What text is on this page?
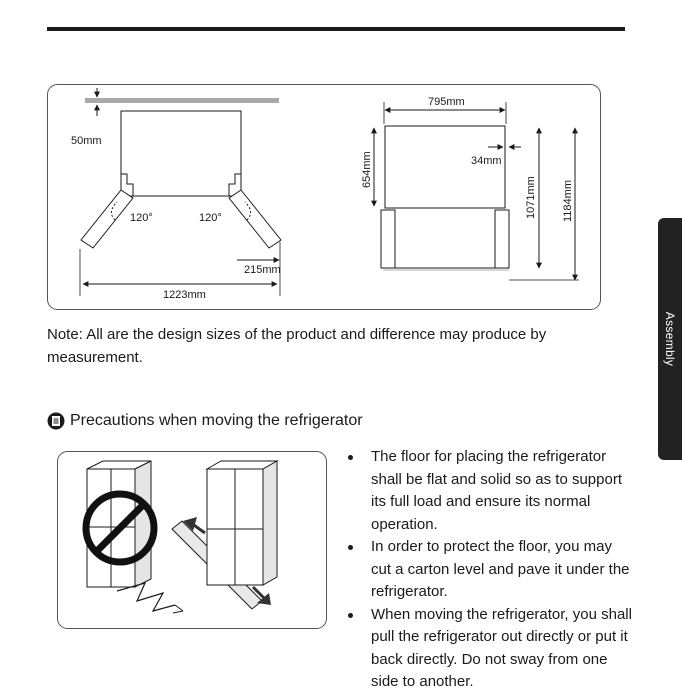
Assembly
50mm
120°	120°
215mm
1223mm
795mm
654mm	34mm
1071mm 1184mm

Note: All are the design sizes of the product and difference may produce by measurement.

Precautions when moving the refrigerator
The floor for placing the refrigerator shall be flat and solid so as to support its full load and ensure its normal operation.
In order to protect the floor, you may cut a carton level and pave it under the refrigerator.
When moving the refrigerator, you shall pull the refrigerator out directly or put it back directly. Do not sway from one side to another.
